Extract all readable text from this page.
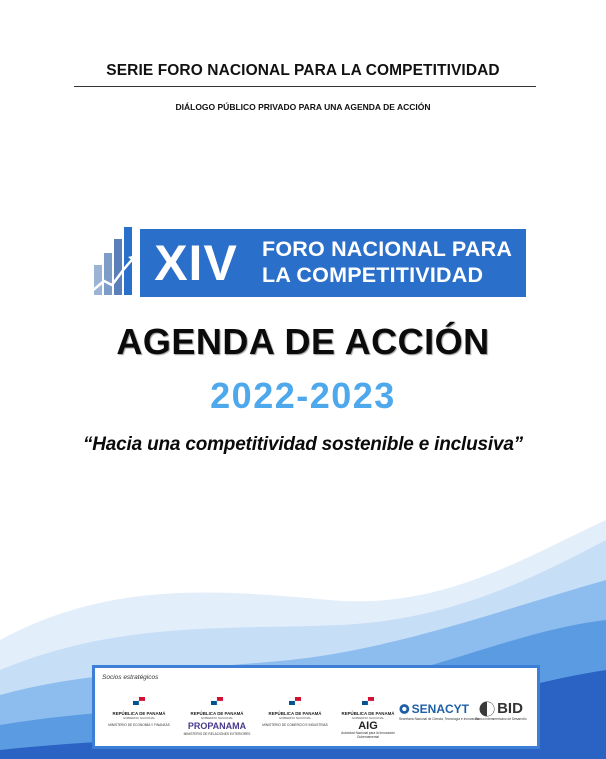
SERIE FORO NACIONAL PARA LA COMPETITIVIDAD
DIÁLOGO PÚBLICO PRIVADO PARA UNA AGENDA DE ACCIÓN
XIV	FORO NACIONAL PARA
LA COMPETITIVIDAD
AGENDA DE ACCIÓN
2022-2023
“Hacia una competitividad sostenible e inclusiva”
Socios estratégicos
REPÚBLICA DE PANAMÁ
GOBIERNO NACIONAL
MINISTERIO DE ECONOMÍA Y FINANZAS
REPÚBLICA DE PANAMÁ
GOBIERNO NACIONAL
PROPANAMA
MINISTERIO DE RELACIONES EXTERIORES
REPÚBLICA DE PANAMÁ
GOBIERNO NACIONAL
MINISTERIO DE COMERCIO E INDUSTRIAS
REPÚBLICA DE PANAMÁ
GOBIERNO NACIONAL
AIG
Autoridad Nacional para la Innovación Gubernamental
SENACYT
Secretaría Nacional de Ciencia, Tecnología e Innovación
BID
Banco Interamericano de Desarrollo
